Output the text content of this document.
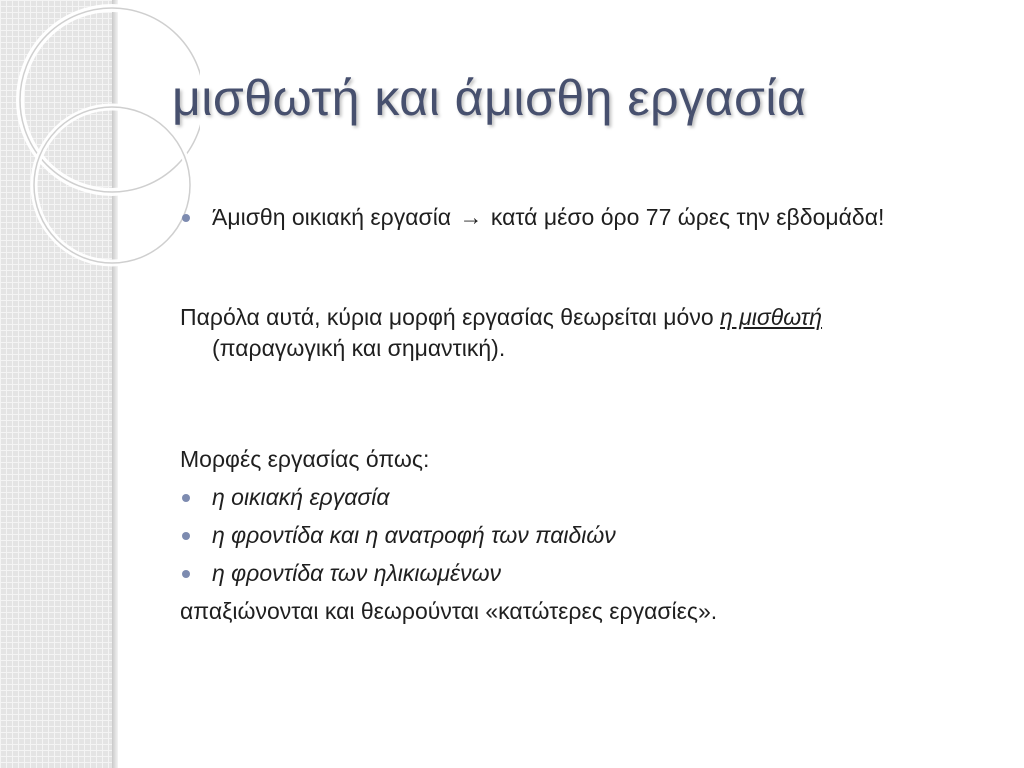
μισθωτή και άμισθη εργασία
Άμισθη οικιακή εργασία → κατά μέσο όρο 77 ώρες την εβδομάδα!
Παρόλα αυτά, κύρια μορφή εργασίας θεωρείται μόνο η μισθωτή (παραγωγική και σημαντική).
Μορφές εργασίας όπως:
η οικιακή εργασία
η φροντίδα και η ανατροφή των παιδιών
η φροντίδα των ηλικιωμένων
απαξιώνονται και θεωρούνται «κατώτερες εργασίες».
